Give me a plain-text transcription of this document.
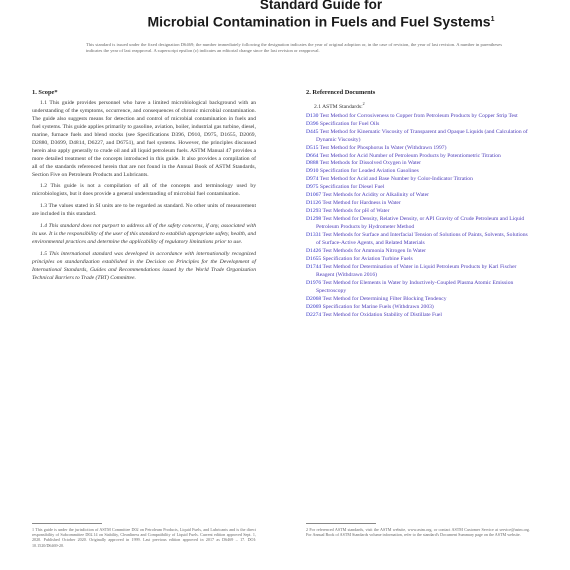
Standard Guide for
Microbial Contamination in Fuels and Fuel Systems$^1$
This standard is issued under the fixed designation D6469; the number immediately following the designation indicates the year of original adoption or, in the case of revision, the year of last revision. A number in parentheses indicates the year of last reapproval. A superscript epsilon (ε) indicates an editorial change since the last revision or reapproval.
1. Scope*
1.1 This guide provides personnel who have a limited microbiological background with an understanding of the symptoms, occurrence, and consequences of chronic microbial contamination. The guide also suggests means for detection and control of microbial contamination in fuels and fuel systems. This guide applies primarily to gasoline, aviation, boiler, industrial gas turbine, diesel, marine, furnace fuels and blend stocks (see Specifications D396, D910, D975, D1655, D2069, D2880, D3699, D4814, D6227, and D6751), and fuel systems. However, the principles discussed herein also apply generally to crude oil and all liquid petroleum fuels. ASTM Manual 47 provides a more detailed treatment of the concepts introduced in this guide. It also provides a compilation of all of the standards referenced herein that are not found in the Annual Book of ASTM Standards, Section Five on Petroleum Products and Lubricants.
1.2 This guide is not a compilation of all of the concepts and terminology used by microbiologists, but it does provide a general understanding of microbial fuel contamination.
1.3 The values stated in SI units are to be regarded as standard. No other units of measurement are included in this standard.
1.4 This standard does not purport to address all of the safety concerns, if any, associated with its use. It is the responsibility of the user of this standard to establish appropriate safety, health, and environmental practices and determine the applicability of regulatory limitations prior to use.
1.5 This international standard was developed in accordance with internationally recognized principles on standardization established in the Decision on Principles for the Development of International Standards, Guides and Recommendations issued by the World Trade Organization Technical Barriers to Trade (TBT) Committee.
2. Referenced Documents
2.1 ASTM Standards:$^2$
D130 Test Method for Corrosiveness to Copper from Petroleum Products by Copper Strip Test
D396 Specification for Fuel Oils
D445 Test Method for Kinematic Viscosity of Transparent and Opaque Liquids (and Calculation of Dynamic Viscosity)
D515 Test Method for Phosphorus In Water (Withdrawn 1997)
D664 Test Method for Acid Number of Petroleum Products by Potentiometric Titration
D888 Test Methods for Dissolved Oxygen in Water
D910 Specification for Leaded Aviation Gasolines
D974 Test Method for Acid and Base Number by Color-Indicator Titration
D975 Specification for Diesel Fuel
D1067 Test Methods for Acidity or Alkalinity of Water
D1126 Test Method for Hardness in Water
D1293 Test Methods for pH of Water
D1298 Test Method for Density, Relative Density, or API Gravity of Crude Petroleum and Liquid Petroleum Products by Hydrometer Method
D1331 Test Methods for Surface and Interfacial Tension of Solutions of Paints, Solvents, Solutions of Surface-Active Agents, and Related Materials
D1426 Test Methods for Ammonia Nitrogen In Water
D1655 Specification for Aviation Turbine Fuels
D1744 Test Method for Determination of Water in Liquid Petroleum Products by Karl Fischer Reagent (Withdrawn 2016)
D1976 Test Method for Elements in Water by Inductively-Coupled Plasma Atomic Emission Spectroscopy
D2068 Test Method for Determining Filter Blocking Tendency
D2069 Specification for Marine Fuels (Withdrawn 2003)
D2274 Test Method for Oxidation Stability of Distillate Fuel
1 This guide is under the jurisdiction of ASTM Committee D02 on Petroleum Products, Liquid Fuels, and Lubricants and is the direct responsibility of Subcommittee D02.14 on Stability, Cleanliness and Compatibility of Liquid Fuels. Current edition approved Sept. 1, 2020. Published October 2020. Originally approved in 1999. Last previous edition approved in 2017 as D6469 – 17. DOI: 10.1520/D6469-20.
2 For referenced ASTM standards, visit the ASTM website, www.astm.org, or contact ASTM Customer Service at service@astm.org. For Annual Book of ASTM Standards volume information, refer to the standard's Document Summary page on the ASTM website.
